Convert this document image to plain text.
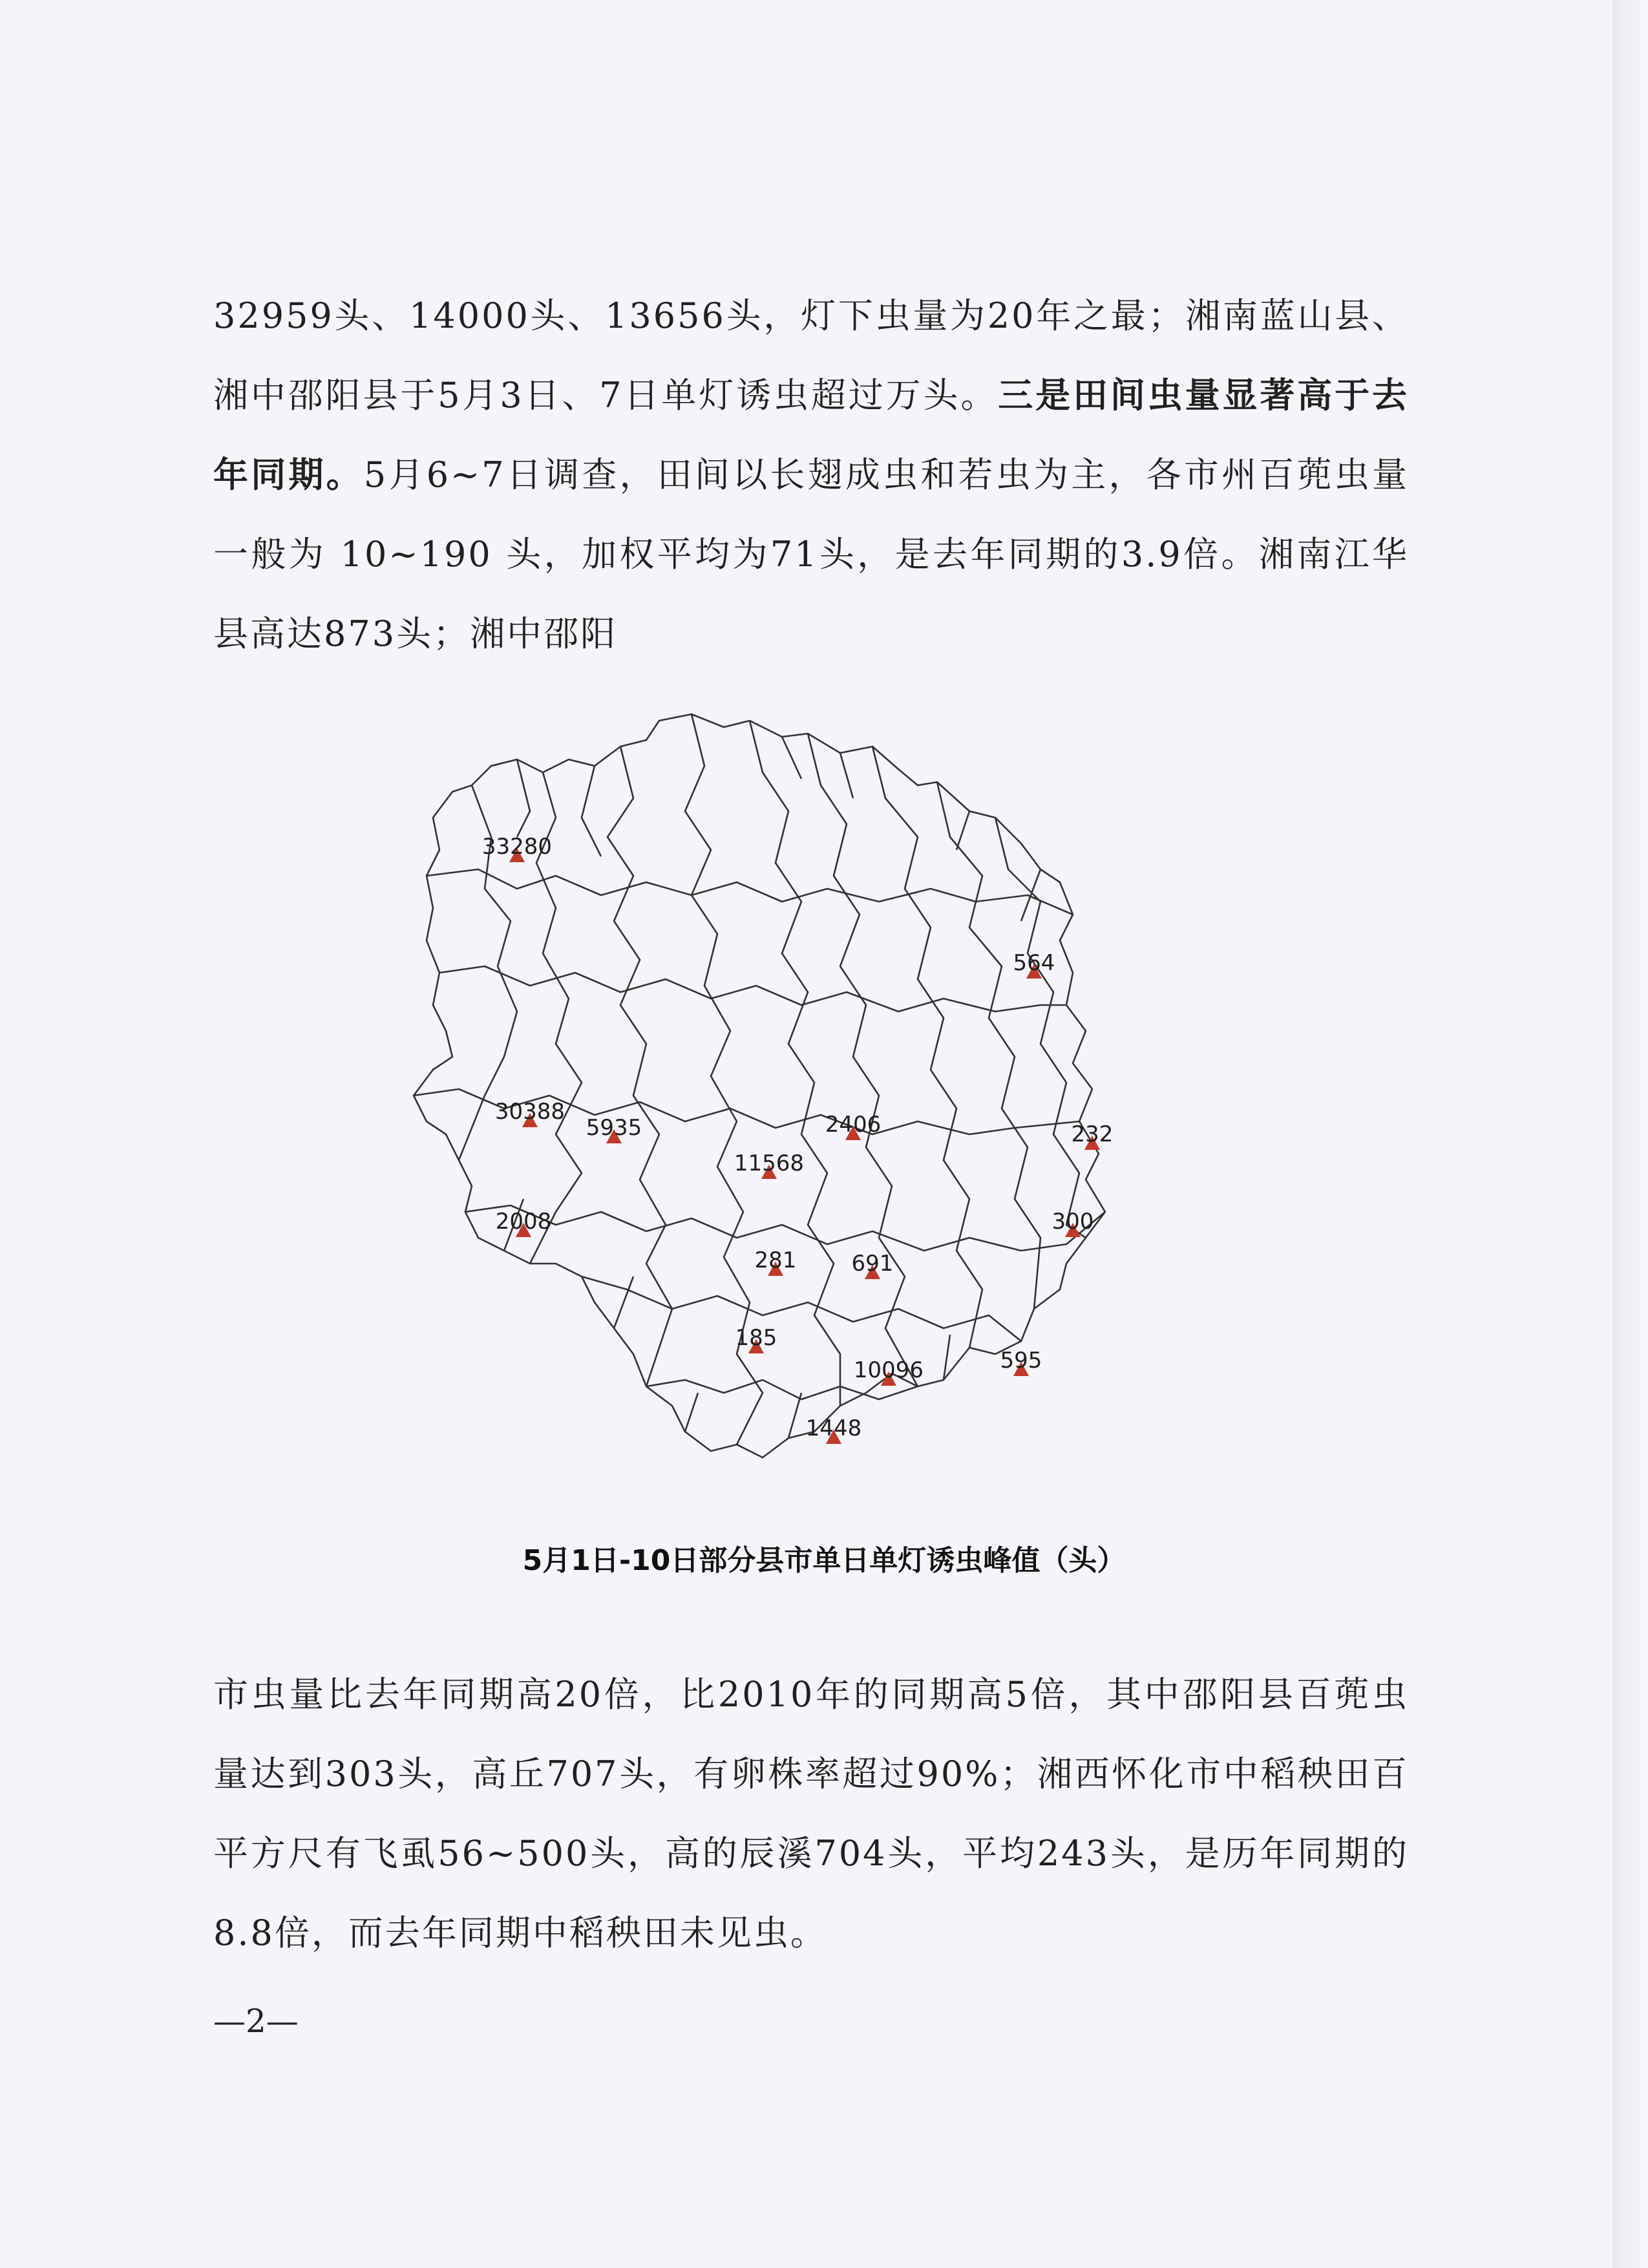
32959头、14000头、13656头，灯下虫量为20年之最；湘南蓝山县、湘中邵阳县于5月3日、7日单灯诱虫超过万头。三是田间虫量显著高于去年同期。5月6~7日调查，田间以长翅成虫和若虫为主，各市州百蔸虫量一般为 10~190 头，加权平均为71头，是去年同期的3.9倍。湘南江华县高达873头；湘中邵阳

33280
564
30388
5935	2406	232
11568
2008	300
281	691
185
595
10096
1448
5月1日-10日部分县市单日单灯诱虫峰值（头）

市虫量比去年同期高20倍，比2010年的同期高5倍，其中邵阳县百蔸虫量达到303头，高丘707头，有卵株率超过90%；湘西怀化市中稻秧田百平方尺有飞虱56~500头，高的辰溪704头，平均243头，是历年同期的8.8倍，而去年同期中稻秧田未见虫。

—2—
